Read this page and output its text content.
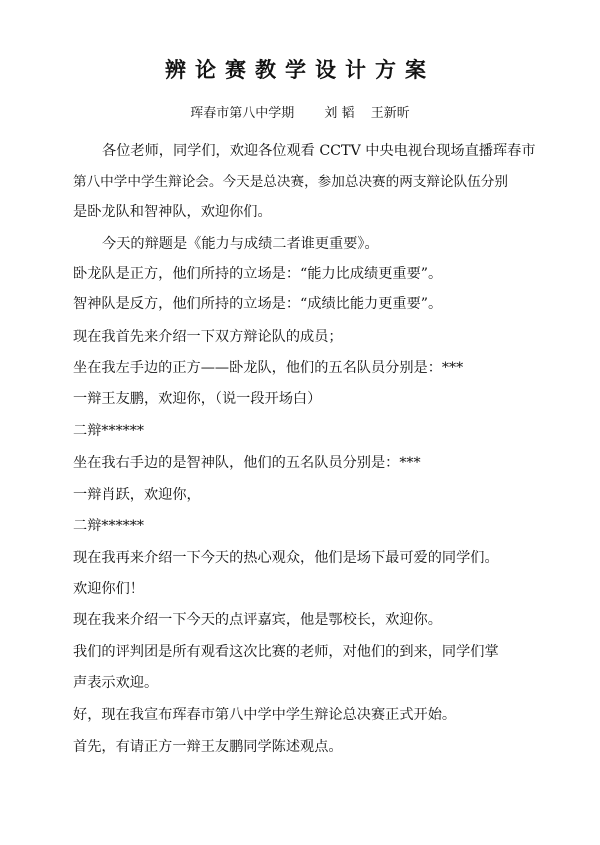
辨论赛教学设计方案
珲春市第八中学期 刘 韬 王新昕
各位老师，同学们，欢迎各位观看 CCTV 中央电视台现场直播珲春市
第八中学中学生辩论会。今天是总决赛，参加总决赛的两支辩论队伍分别
是卧龙队和智神队，欢迎你们。
今天的辩题是《能力与成绩二者谁更重要》。
卧龙队是正方，他们所持的立场是：“能力比成绩更重要”。
智神队是反方，他们所持的立场是：“成绩比能力更重要”。
现在我首先来介绍一下双方辩论队的成员；
坐在我左手边的正方——卧龙队，他们的五名队员分别是：***
一辩王友鹏，欢迎你，（说一段开场白）
二辩******
坐在我右手边的是智神队，他们的五名队员分别是：***
一辩肖跃，欢迎你，
二辩******
现在我再来介绍一下今天的热心观众，他们是场下最可爱的同学们。
欢迎你们！
现在我来介绍一下今天的点评嘉宾，他是鄂校长，欢迎你。
我们的评判团是所有观看这次比赛的老师，对他们的到来，同学们掌
声表示欢迎。
好，现在我宣布珲春市第八中学中学生辩论总决赛正式开始。
首先，有请正方一辩王友鹏同学陈述观点。
